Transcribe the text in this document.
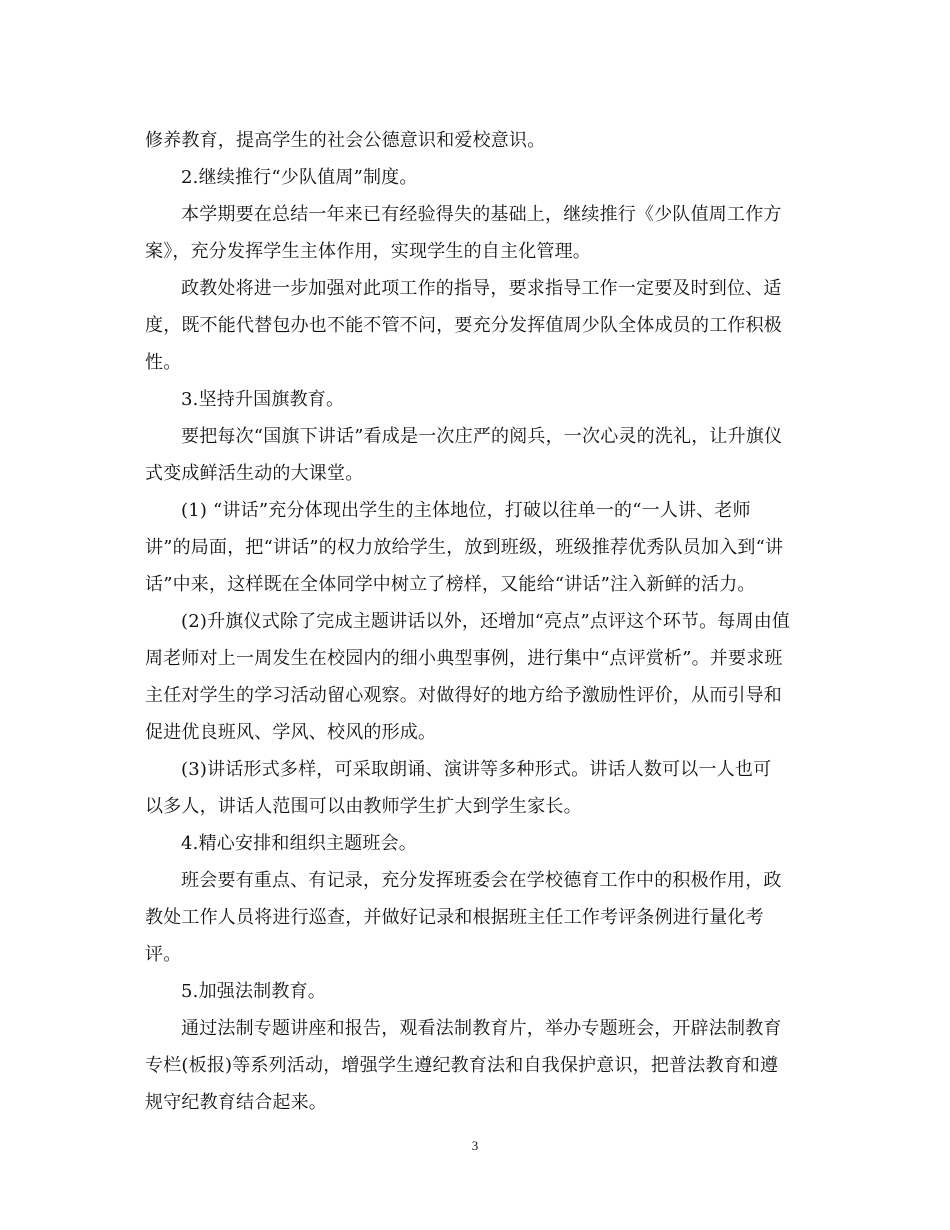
修养教育，提高学生的社会公德意识和爱校意识。
2.继续推行“少队值周”制度。
本学期要在总结一年来已有经验得失的基础上，继续推行《少队值周工作方
案》，充分发挥学生主体作用，实现学生的自主化管理。
政教处将进一步加强对此项工作的指导，要求指导工作一定要及时到位、适
度，既不能代替包办也不能不管不问，要充分发挥值周少队全体成员的工作积极
性。
3.坚持升国旗教育。
要把每次“国旗下讲话”看成是一次庄严的阅兵，一次心灵的洗礼，让升旗仪
式变成鲜活生动的大课堂。
(1) “讲话”充分体现出学生的主体地位，打破以往单一的“一人讲、老师
讲”的局面，把“讲话”的权力放给学生，放到班级，班级推荐优秀队员加入到“讲
话”中来，这样既在全体同学中树立了榜样，又能给“讲话”注入新鲜的活力。
(2)升旗仪式除了完成主题讲话以外，还增加“亮点”点评这个环节。每周由值
周老师对上一周发生在校园内的细小典型事例，进行集中“点评赏析”。并要求班
主任对学生的学习活动留心观察。对做得好的地方给予激励性评价，从而引导和
促进优良班风、学风、校风的形成。
(3)讲话形式多样，可采取朗诵、演讲等多种形式。讲话人数可以一人也可
以多人，讲话人范围可以由教师学生扩大到学生家长。
4.精心安排和组织主题班会。
班会要有重点、有记录，充分发挥班委会在学校德育工作中的积极作用，政
教处工作人员将进行巡查，并做好记录和根据班主任工作考评条例进行量化考
评。
5.加强法制教育。
通过法制专题讲座和报告，观看法制教育片，举办专题班会，开辟法制教育
专栏(板报)等系列活动，增强学生遵纪教育法和自我保护意识，把普法教育和遵
规守纪教育结合起来。
3
